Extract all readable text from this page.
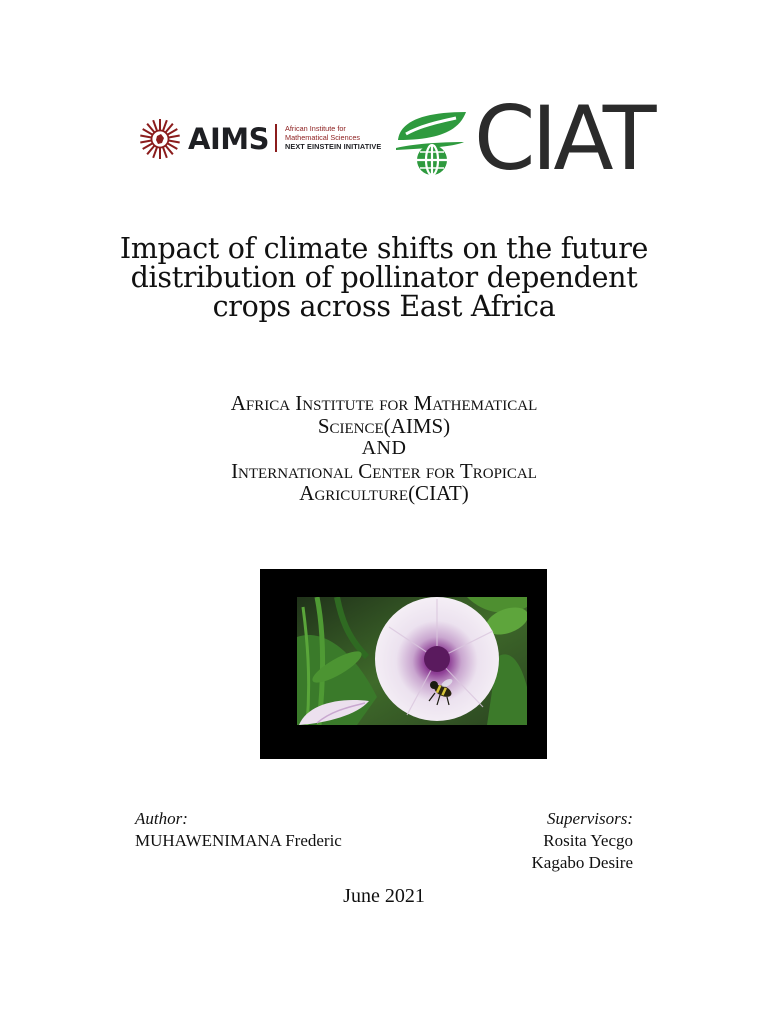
AIMS African Institute for
Mathematical Sciences
NEXT EINSTEIN INITIATIVE CIAT
Impact of climate shifts on the future
distribution of pollinator dependent
crops across East Africa
Africa Institute for Mathematical
Science(AIMS)
AND
International Center for Tropical
Agriculture(CIAT)
Author:
MUHAWENIMANA Frederic
Supervisors:
Rosita Yecgo
Kagabo Desire
June 2021
